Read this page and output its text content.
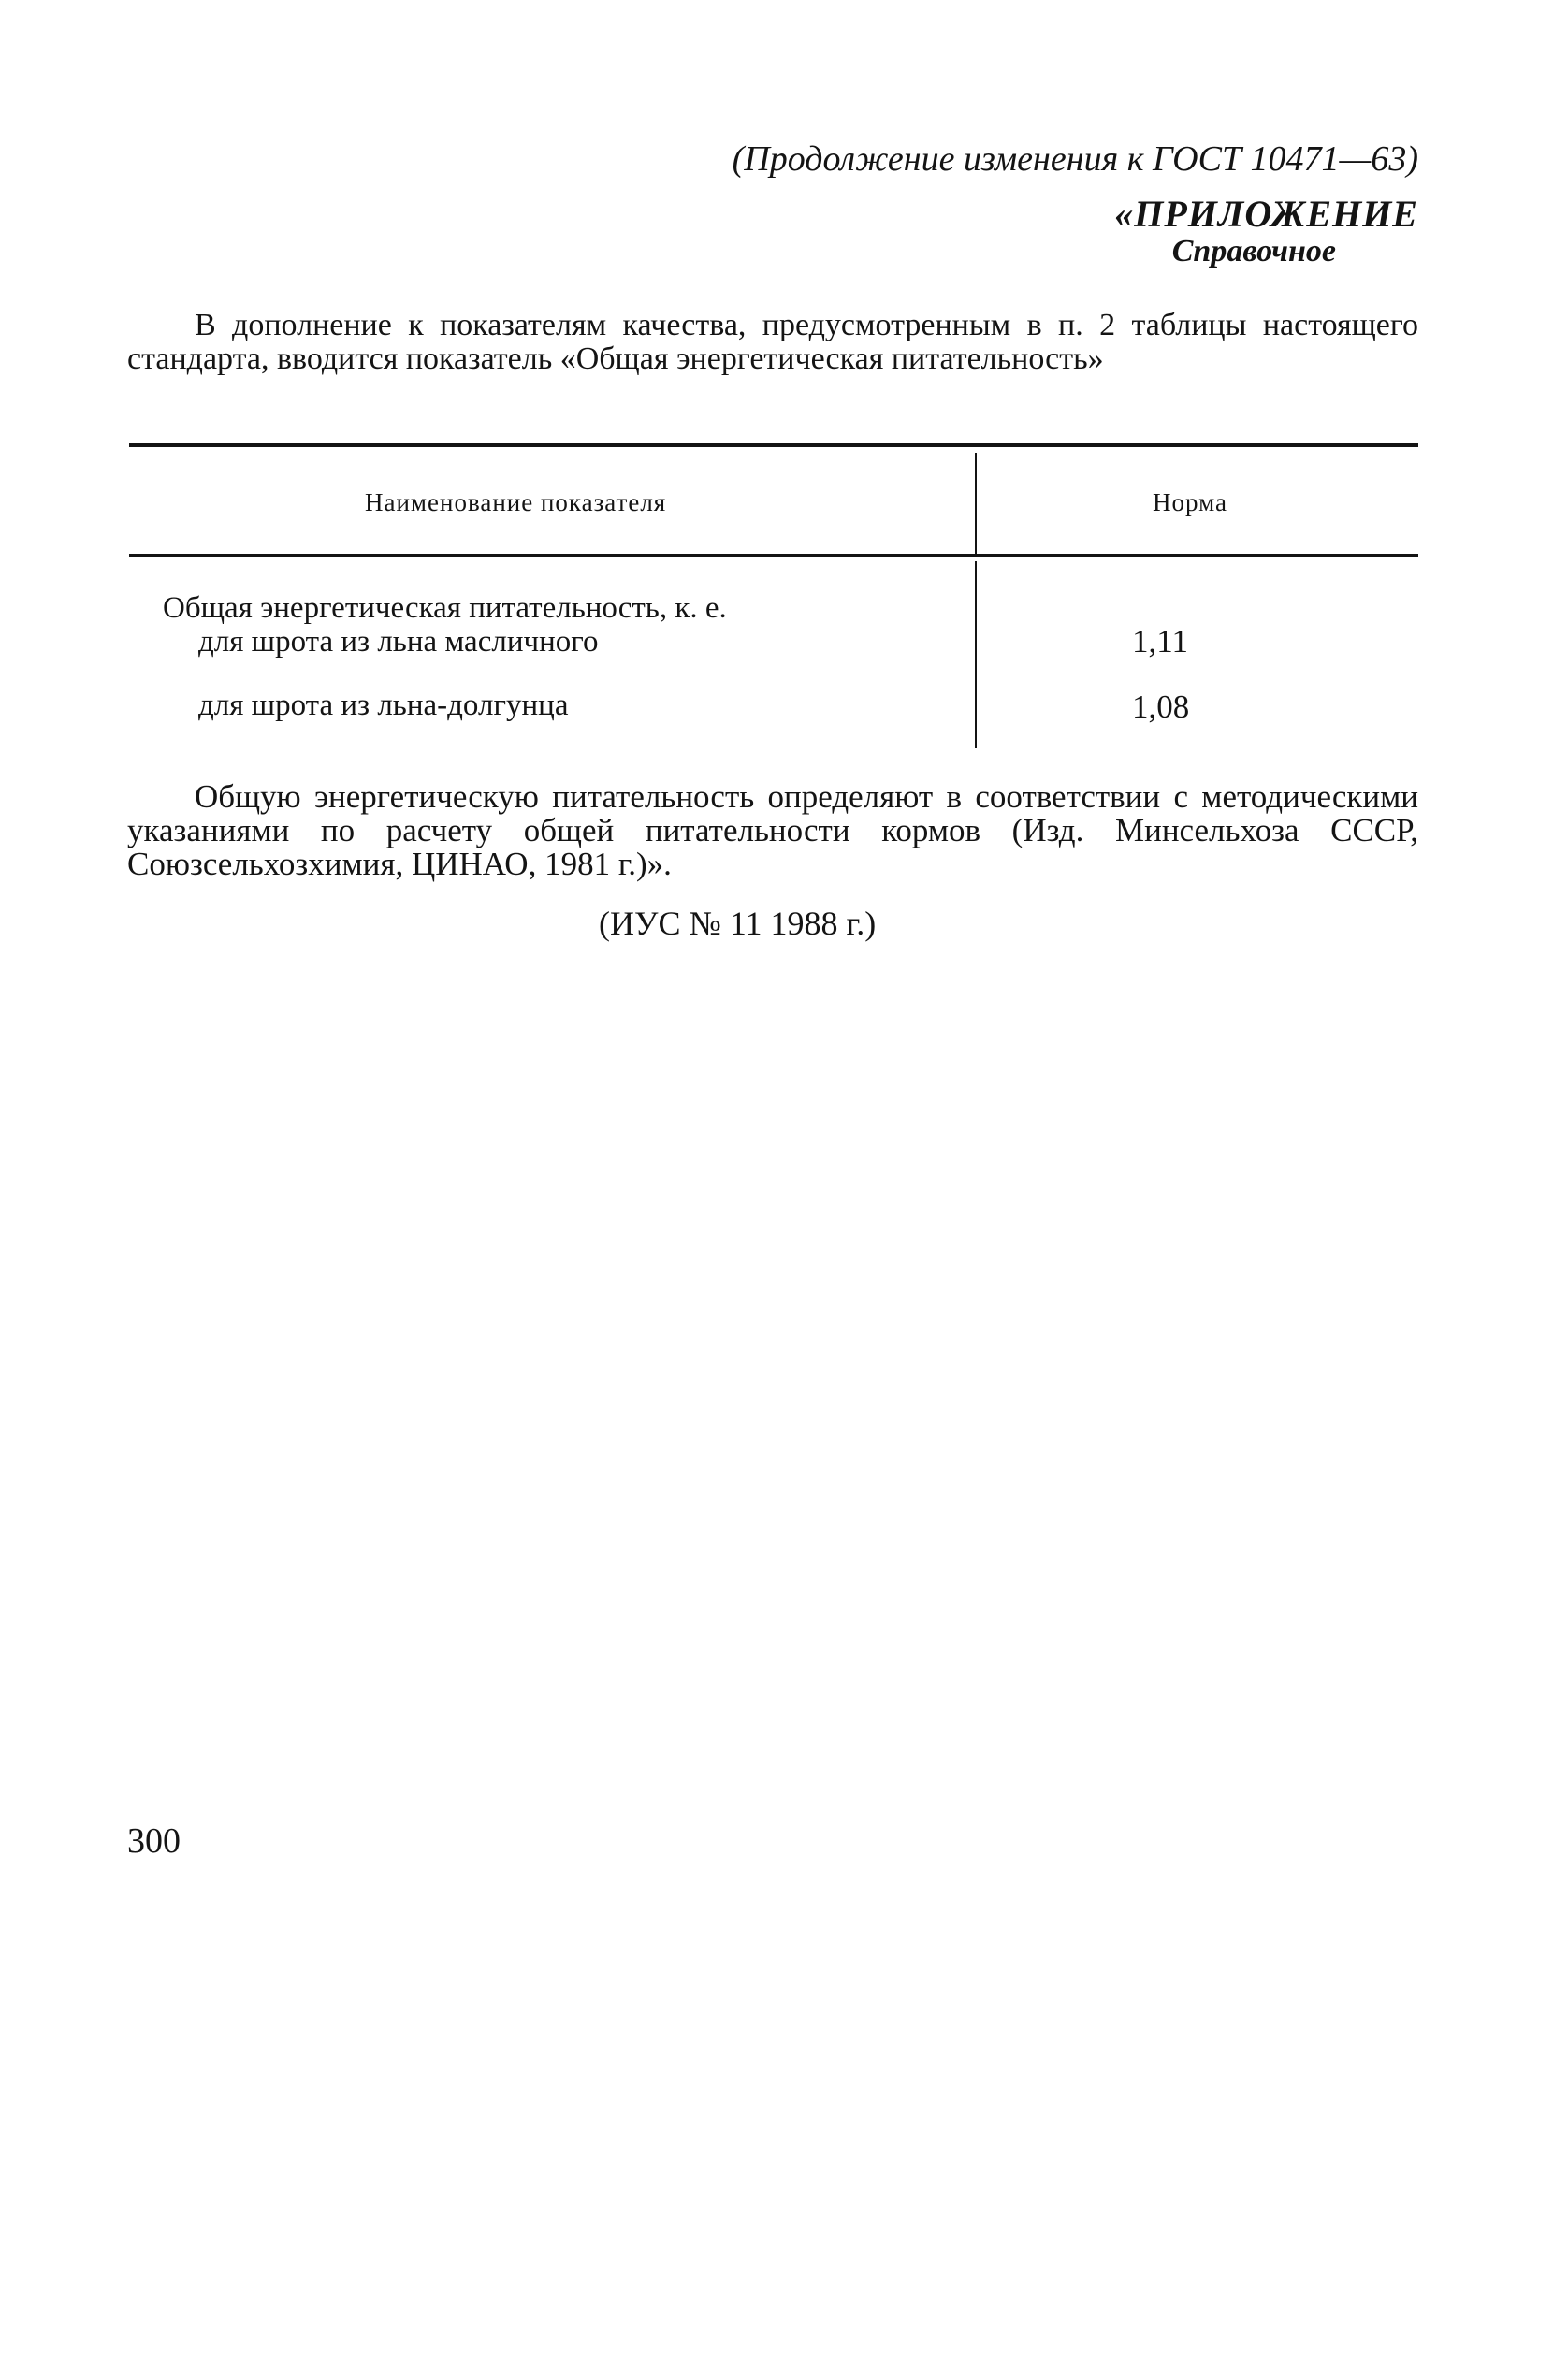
(Продолжение изменения к ГОСТ 10471—63)
«ПРИЛОЖЕНИЕ
Справочное
В дополнение к показателям качества, предусмотренным в п. 2 таблицы настоящего стандарта, вводится показатель «Общая энергетическая питательность»
Наименование показателя	Норма
Общая энергетическая питательность, к. е.
для шрота из льна масличного	1,11
для шрота из льна-долгунца	1,08
Общую энергетическую питательность определяют в соответствии с методическими указаниями по расчету общей питательности кормов (Изд. Минсельхоза СССР, Союзсельхозхимия, ЦИНАО, 1981 г.)».
(ИУС № 11 1988 г.)
300
